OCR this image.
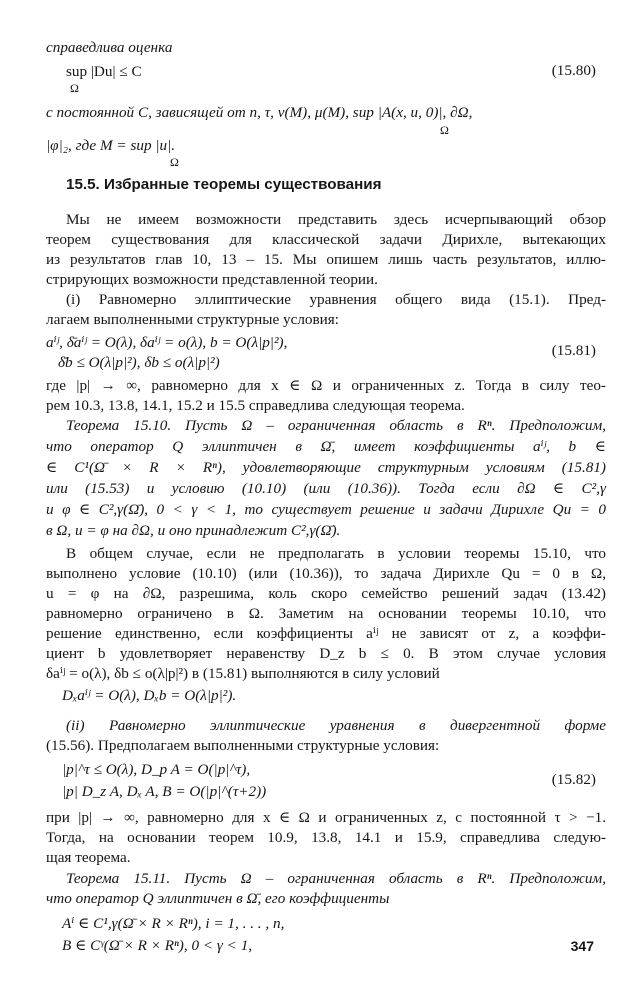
справедлива оценка
sup |Du| ≤ C
Ω
(15.80)
с постоянной C, зависящей от n, τ, ν(M), μ(M), sup |A(x, u, 0)|, ∂Ω,
Ω
|φ|₂, где M = sup |u|.
Ω
15.5. Избранные теоремы существования
Мы не имеем возможности представить здесь исчерпывающий обзор
теорем существования для классической задачи Дирихле, вытекающих
из результатов глав 10, 13 – 15. Мы опишем лишь часть результатов, иллю-
стрирующих возможности представленной теории.
(i) Равномерно эллиптические уравнения общего вида (15.1). Пред-
лагаем выполненными структурные условия:
aⁱʲ, δ̄aⁱʲ = O(λ), δaⁱʲ = o(λ), b = O(λ|p|²),
δ̄b ≤ O(λ|p|²), δb ≤ o(λ|p|²)
(15.81)
где |p| → ∞, равномерно для x ∈ Ω и ограниченных z. Тогда в силу тео-
рем 10.3, 13.8, 14.1, 15.2 и 15.5 справедлива следующая теорема.
Теорема 15.10. Пусть Ω – ограниченная область в Rⁿ. Предположим,
что оператор Q эллиптичен в Ω̄, имеет коэффициенты aⁱʲ, b ∈
∈ C¹(Ω̄ × R × Rⁿ), удовлетворяющие структурным условиям (15.81)
или (15.53) и условию (10.10) (или (10.36)). Тогда если ∂Ω ∈ C²,γ
и φ ∈ C²,γ(Ω̄), 0 < γ < 1, то существует решение и задачи Дирихле Qu = 0
в Ω, u = φ на ∂Ω, и оно принадлежит C²,γ(Ω̄).
В общем случае, если не предполагать в условии теоремы 15.10, что
выполнено условие (10.10) (или (10.36)), то задача Дирихле Qu = 0 в Ω,
u = φ на ∂Ω, разрешима, коль скоро семейство решений задач (13.42)
равномерно ограничено в Ω. Заметим на основании теоремы 10.10, что
решение единственно, если коэффициенты aⁱʲ не зависят от z, а коэффи-
циент b удовлетворяет неравенству D_z b ≤ 0. В этом случае условия
δaⁱʲ = o(λ), δb ≤ o(λ|p|²) в (15.81) выполняются в силу условий
Dₓaⁱʲ = O(λ), Dₓb = O(λ|p|²).
(ii) Равномерно эллиптические уравнения в дивергентной форме
(15.56). Предполагаем выполненными структурные условия:
|p|^τ ≤ O(λ), D_p A = O(|p|^τ),
|p| D_z A, Dₓ A, B = O(|p|^(τ+2))
(15.82)
при |p| → ∞, равномерно для x ∈ Ω и ограниченных z, с постоянной τ > −1.
Тогда, на основании теорем 10.9, 13.8, 14.1 и 15.9, справедлива следую-
щая теорема.
Теорема 15.11. Пусть Ω – ограниченная область в Rⁿ. Предположим,
что оператор Q эллиптичен в Ω̄, его коэффициенты
Aⁱ ∈ C¹,γ(Ω̄ × R × Rⁿ), i = 1, . . . , n,
B ∈ Cᵞ(Ω̄ × R × Rⁿ), 0 < γ < 1,	347
